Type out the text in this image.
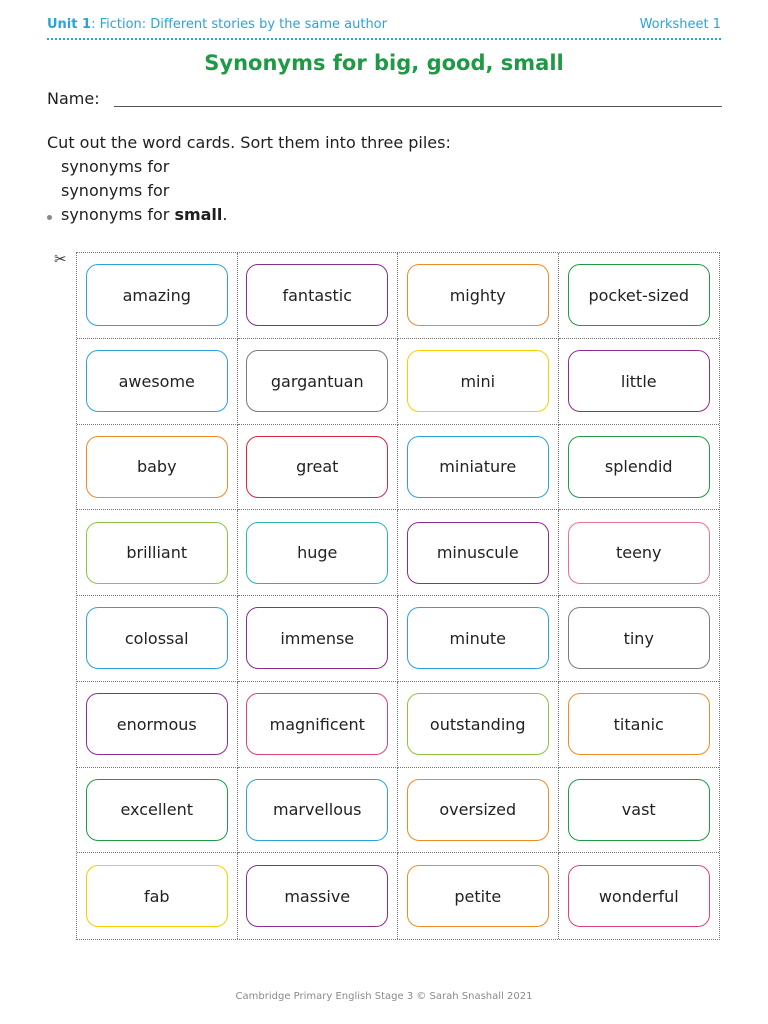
Unit 1: Fiction: Different stories by the same author	Worksheet 1
Synonyms for big, good, small
Name:
Cut out the word cards. Sort them into three piles:
synonyms for
synonyms for
synonyms for small.
✂
amazing	fantastic	mighty	pocket-sized
awesome	gargantuan	mini	little
baby	great	miniature	splendid
brilliant	huge	minuscule	teeny
colossal	immense	minute	tiny
enormous	magnificent	outstanding	titanic
excellent	marvellous	oversized	vast
fab	massive	petite	wonderful
Cambridge Primary English Stage 3 © Sarah Snashall 2021
